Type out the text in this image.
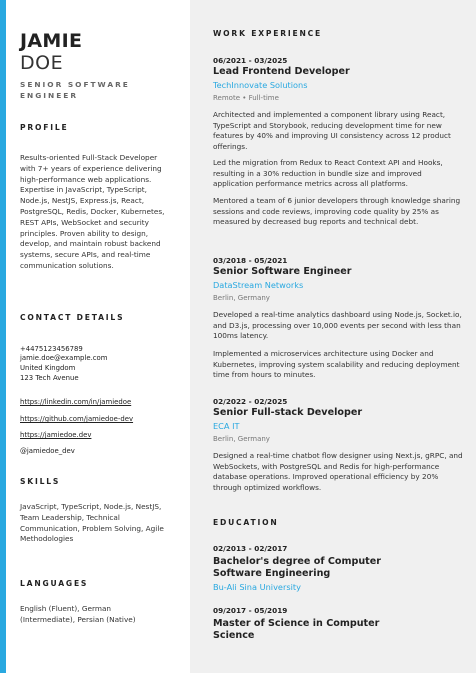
JAMIE
DOE
SENIOR SOFTWARE
ENGINEER
PROFILE
Results-oriented Full-Stack Developer with 7+ years of experience delivering high-performance web applications. Expertise in JavaScript, TypeScript, Node.js, NestJS, Express.js, React, PostgreSQL, Redis, Docker, Kubernetes, REST APIs, WebSocket and security principles. Proven ability to design, develop, and maintain robust backend systems, secure APIs, and real-time communication solutions.
CONTACT DETAILS
+4475123456789
jamie.doe@example.com
United Kingdom
123 Tech Avenue
https://linkedin.com/in/jamiedoe
https://github.com/jamiedoe-dev
https://jamiedoe.dev
@jamiedoe_dev
SKILLS
JavaScript, TypeScript, Node.js, NestJS, Team Leadership, Technical Communication, Problem Solving, Agile Methodologies
LANGUAGES
English (Fluent), German (Intermediate), Persian (Native)
WORK EXPERIENCE
06/2021 - 03/2025
Lead Frontend Developer
TechInnovate Solutions
Remote • Full-time
Architected and implemented a component library using React, TypeScript and Storybook, reducing development time for new features by 40% and improving UI consistency across 12 product offerings.
Led the migration from Redux to React Context API and Hooks, resulting in a 30% reduction in bundle size and improved application performance metrics across all platforms.
Mentored a team of 6 junior developers through knowledge sharing sessions and code reviews, improving code quality by 25% as measured by decreased bug reports and technical debt.
03/2018 - 05/2021
Senior Software Engineer
DataStream Networks
Berlin, Germany
Developed a real-time analytics dashboard using Node.js, Socket.io, and D3.js, processing over 10,000 events per second with less than 100ms latency.
Implemented a microservices architecture using Docker and Kubernetes, improving system scalability and reducing deployment time from hours to minutes.
02/2022 - 02/2025
Senior Full-stack Developer
ECA IT
Berlin, Germany
Designed a real-time chatbot flow designer using Next.js, gRPC, and WebSockets, with PostgreSQL and Redis for high-performance database operations. Improved operational efficiency by 20% through optimized workflows.
EDUCATION
02/2013 - 02/2017
Bachelor's degree of Computer Software Engineering
Bu-Ali Sina University
09/2017 - 05/2019
Master of Science in Computer Science
